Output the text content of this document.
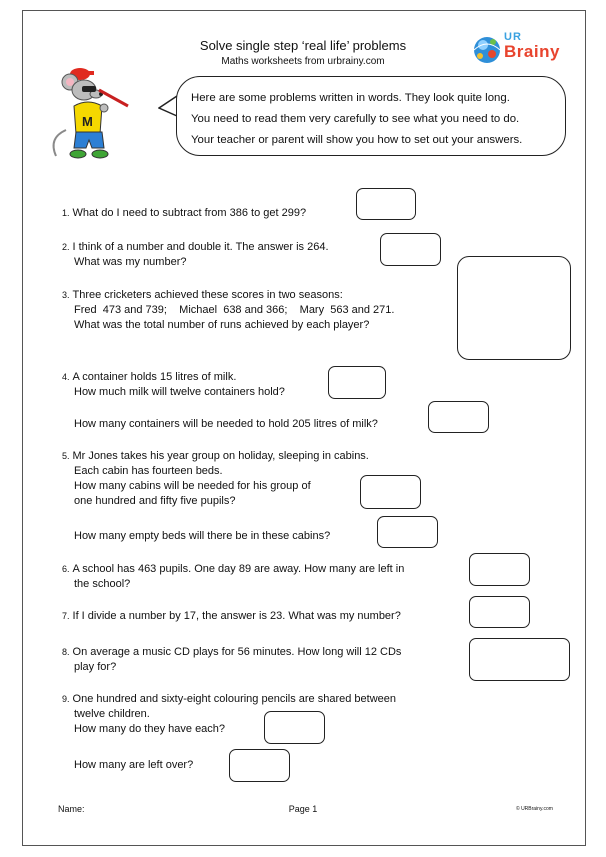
Solve single step ‘real life’ problems
Maths worksheets from urbrainy.com
UR
Brainy
M
Here are some problems written in words. They look quite long.
You need to read them very carefully to see what you need to do.
Your teacher or parent will show you how to set out your answers.
1. What do I need to subtract from 386 to get 299?
2. I think of a number and double it. The answer is 264.
What was my number?
3. Three cricketers achieved these scores in two seasons:
Fred  473 and 739;    Michael  638 and 366;    Mary  563 and 271.
What was the total number of runs achieved by each player?
4. A container holds 15 litres of milk.
How much milk will twelve containers hold?
How many containers will be needed to hold 205 litres of milk?
5. Mr Jones takes his year group on holiday, sleeping in cabins.
Each cabin has fourteen beds.
How many cabins will be needed for his group of
one hundred and fifty five pupils?
How many empty beds will there be in these cabins?
6. A school has 463 pupils. One day 89 are away. How many are left in
the school?
7. If I divide a number by 17, the answer is 23. What was my number?
8. On average a music CD plays for 56 minutes. How long will 12 CDs
play for?
9. One hundred and sixty-eight colouring pencils are shared between
twelve children.
How many do they have each?
How many are left over?
Name:	Page 1	© URBrainy.com
